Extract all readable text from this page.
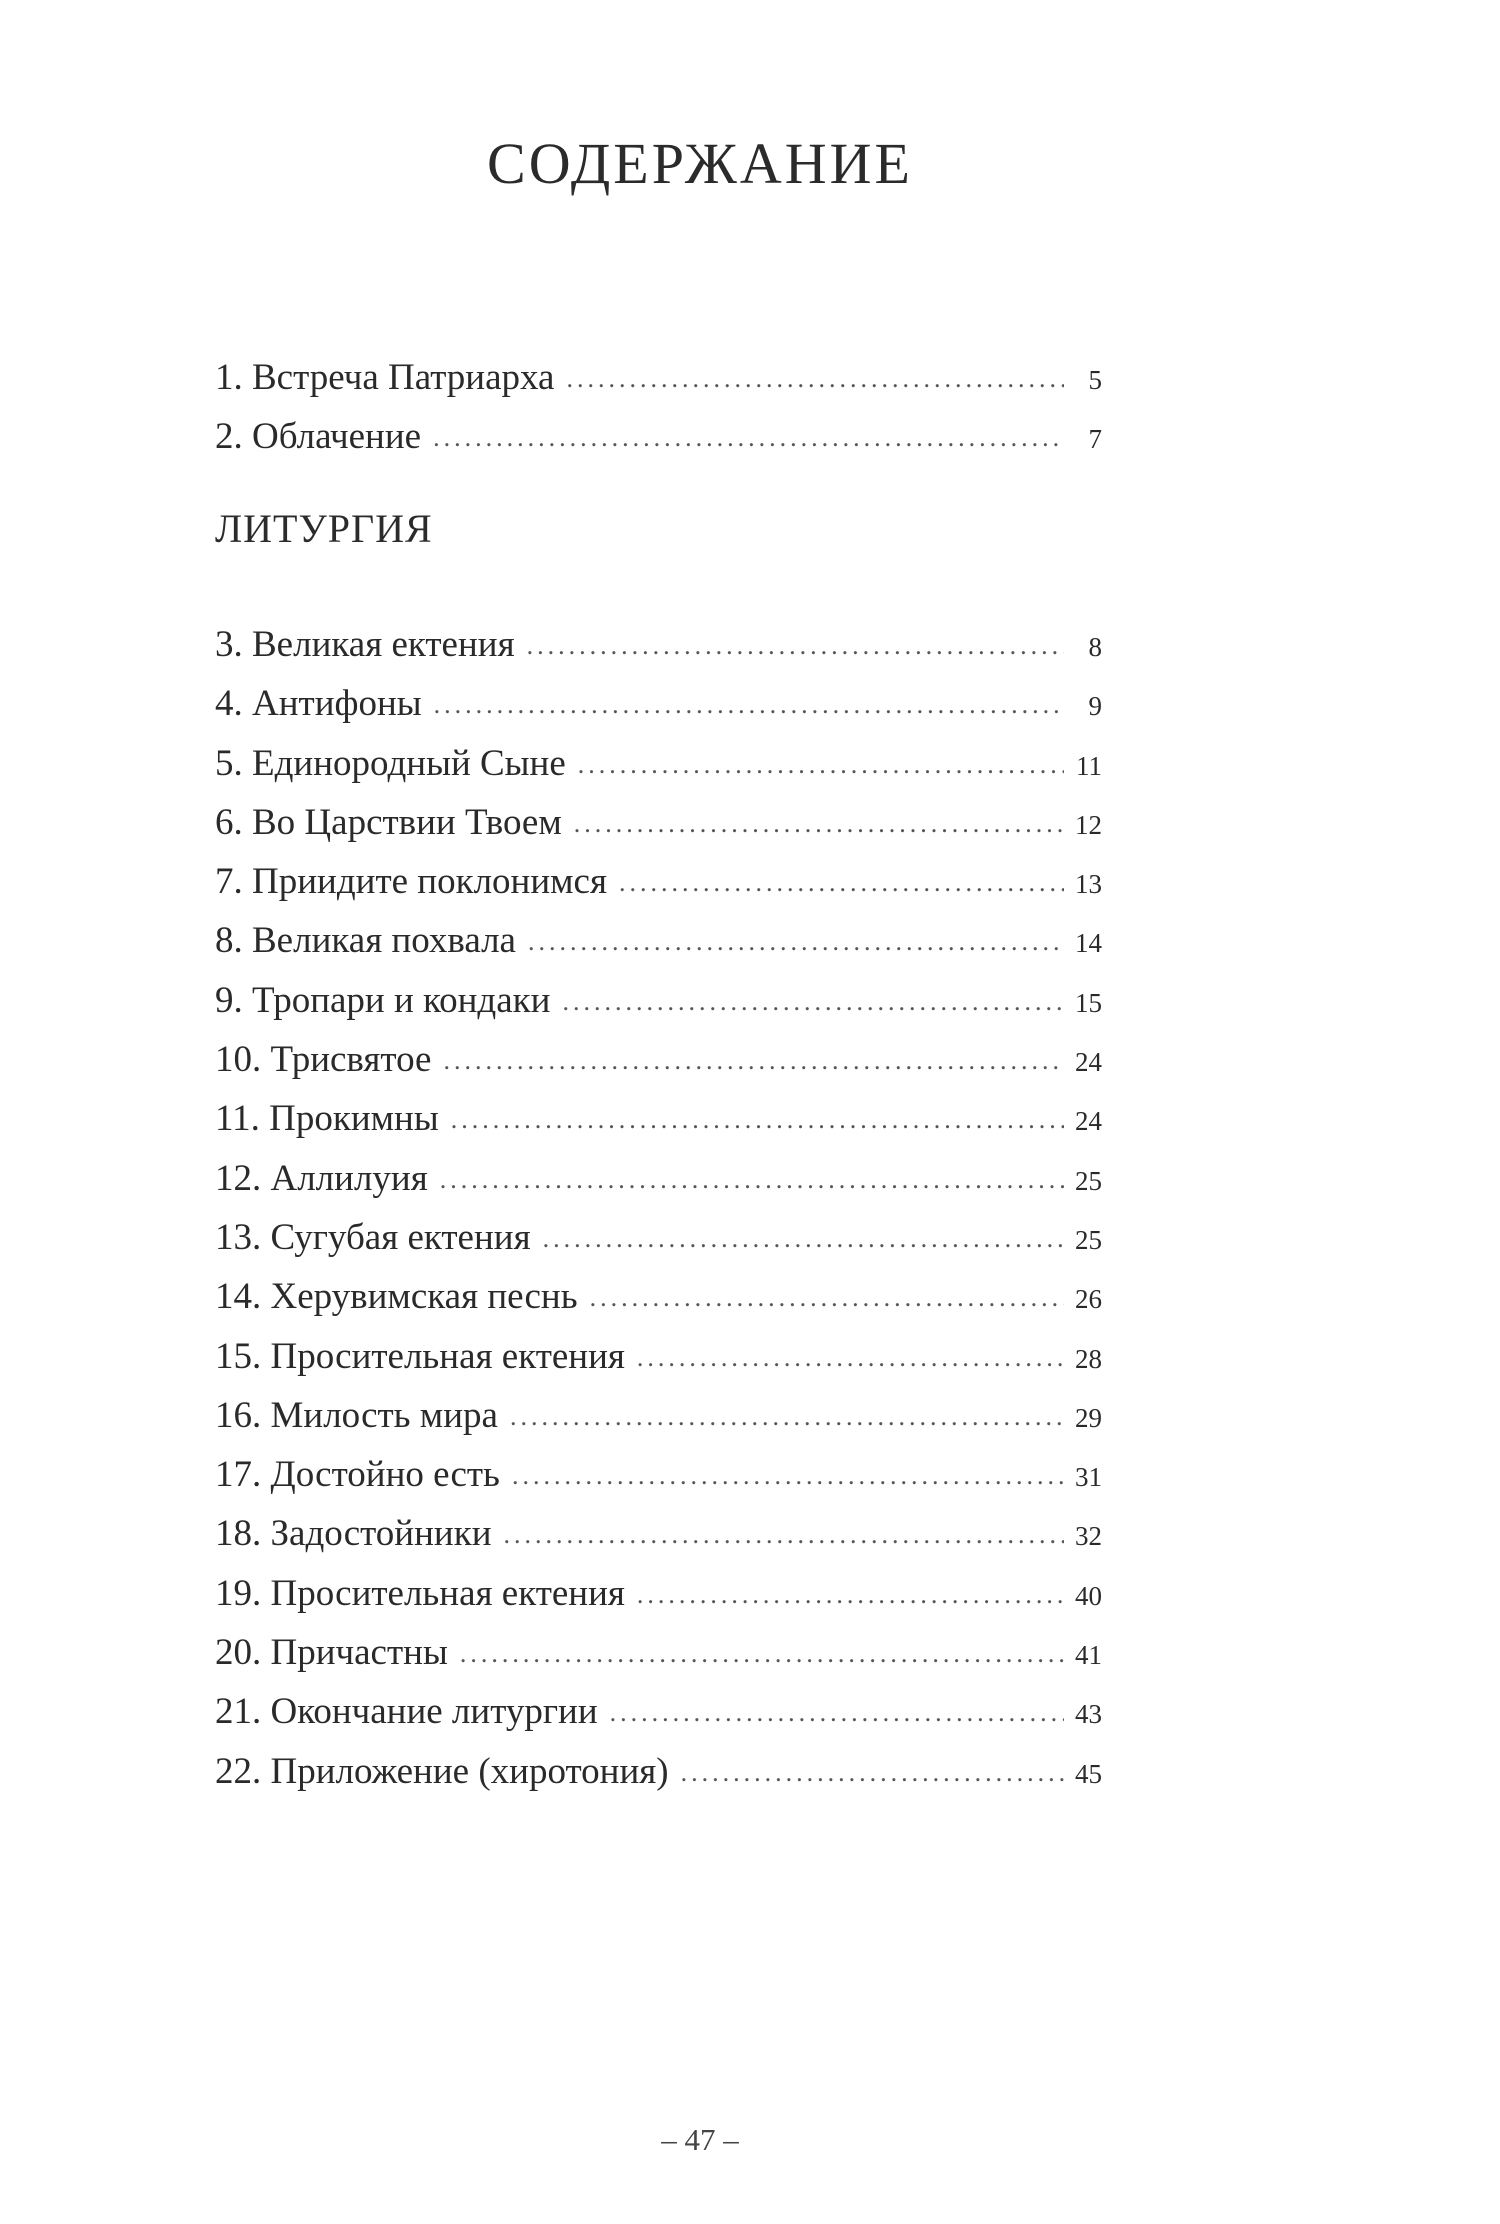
СОДЕРЖАНИЕ
1. Встреча Патриарха .....	5
2. Облачение .....	7
ЛИТУРГИЯ
3. Великая ектения .....	8
4. Антифоны .....	9
5. Единородный Сыне .....	11
6. Во Царствии Твоем .....	12
7. Приидите поклонимся .....	13
8. Великая похвала .....	14
9. Тропари и кондаки .....	15
10. Трисвятое .....	24
11. Прокимны .....	24
12. Аллилуия .....	25
13. Сугубая ектения .....	25
14. Херувимская песнь .....	26
15. Просительная ектения .....	28
16. Милость мира .....	29
17. Достойно есть .....	31
18. Задостойники .....	32
19. Просительная ектения .....	40
20. Причастны .....	41
21. Окончание литургии .....	43
22. Приложение (хиротония) .....	45
– 47 –
